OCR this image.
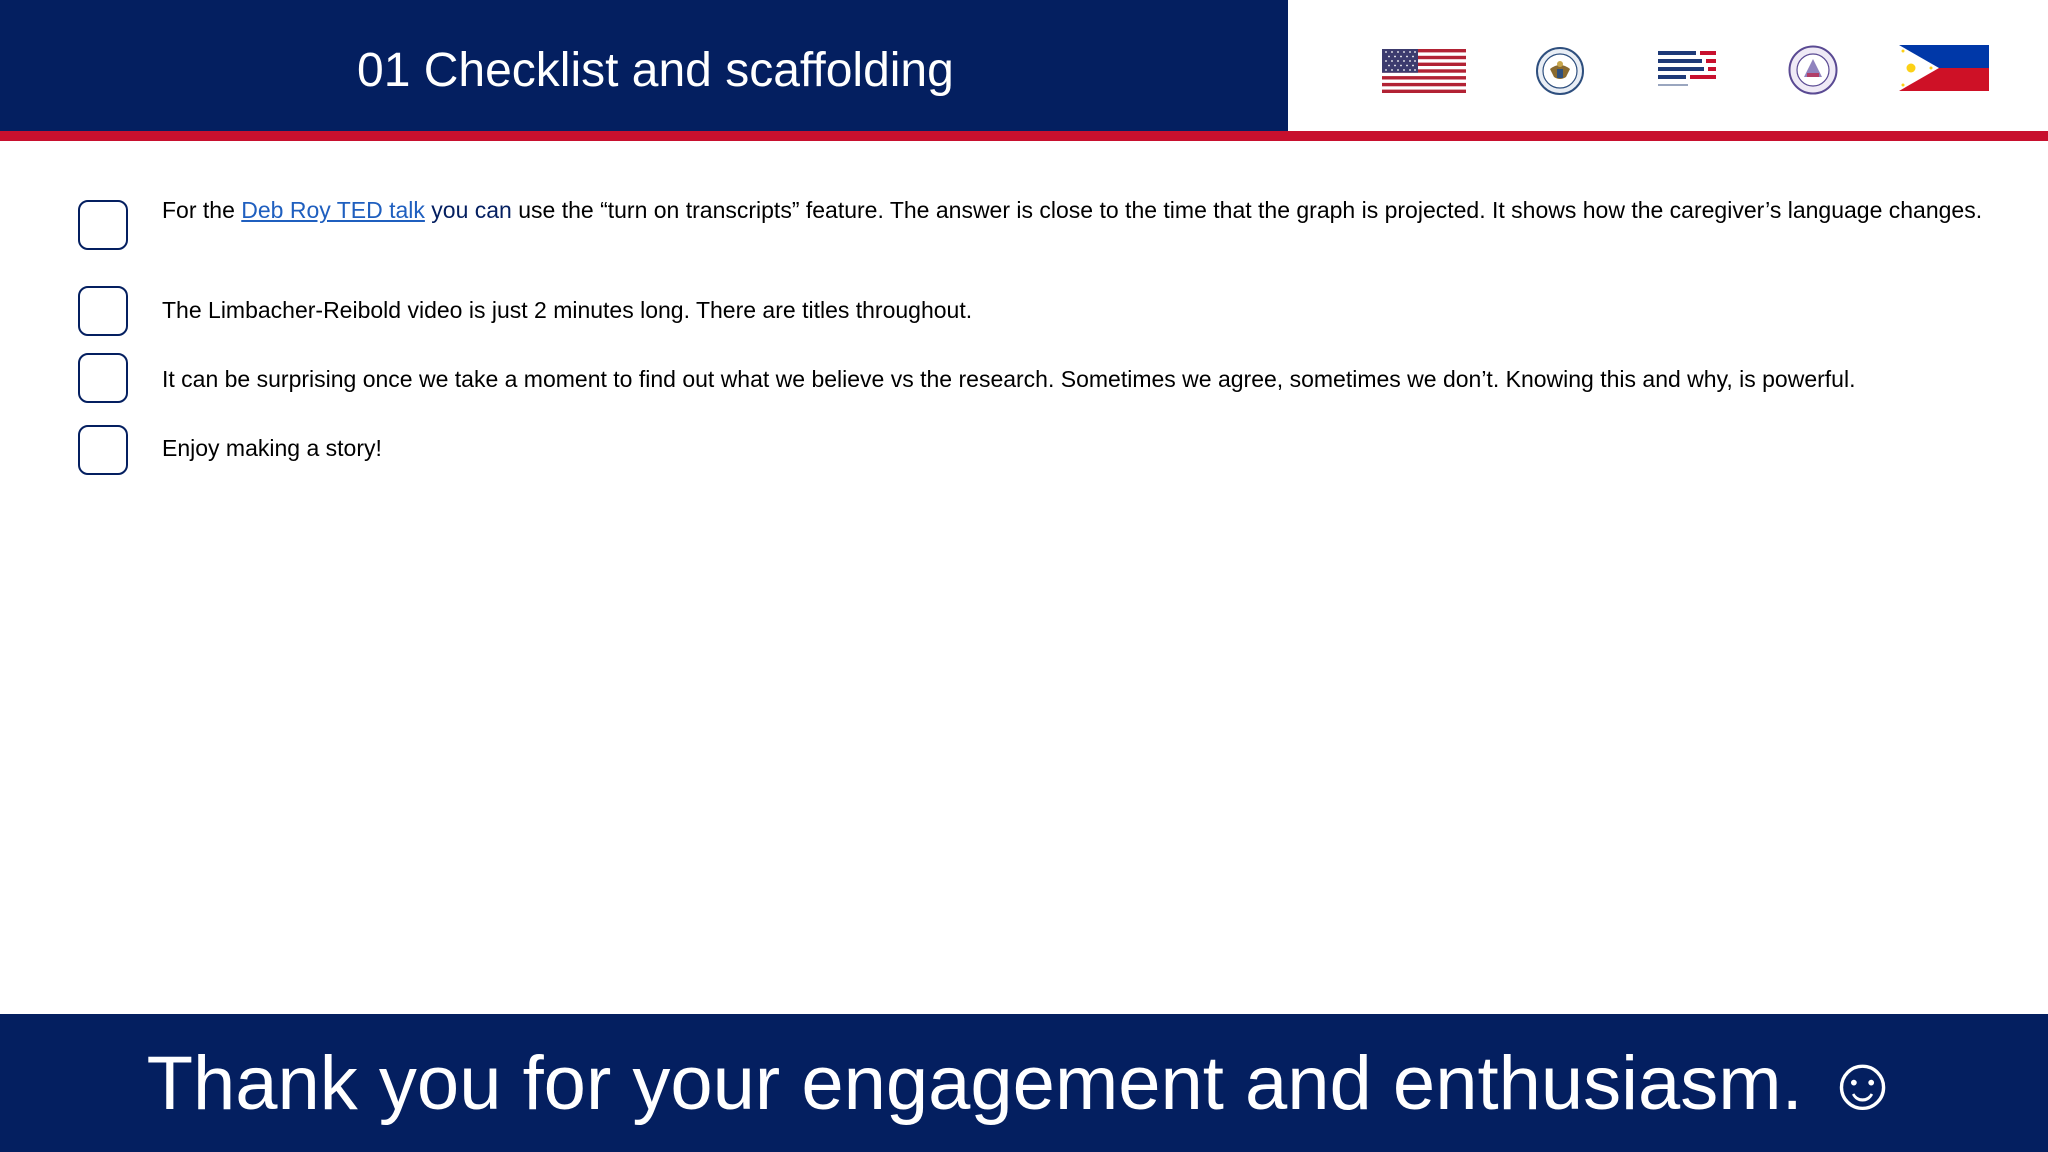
01 Checklist and scaffolding
For the Deb Roy TED talk you can use the “turn on transcripts” feature. The answer is close to the time that the graph is projected. It shows how the caregiver’s language changes.
The Limbacher-Reibold video is just 2 minutes long. There are titles throughout.
It can be surprising once we take a moment to find out what we believe vs the research. Sometimes we agree, sometimes we don’t. Knowing this and why, is powerful.
Enjoy making a story!
Thank you for your engagement and enthusiasm. ☺
